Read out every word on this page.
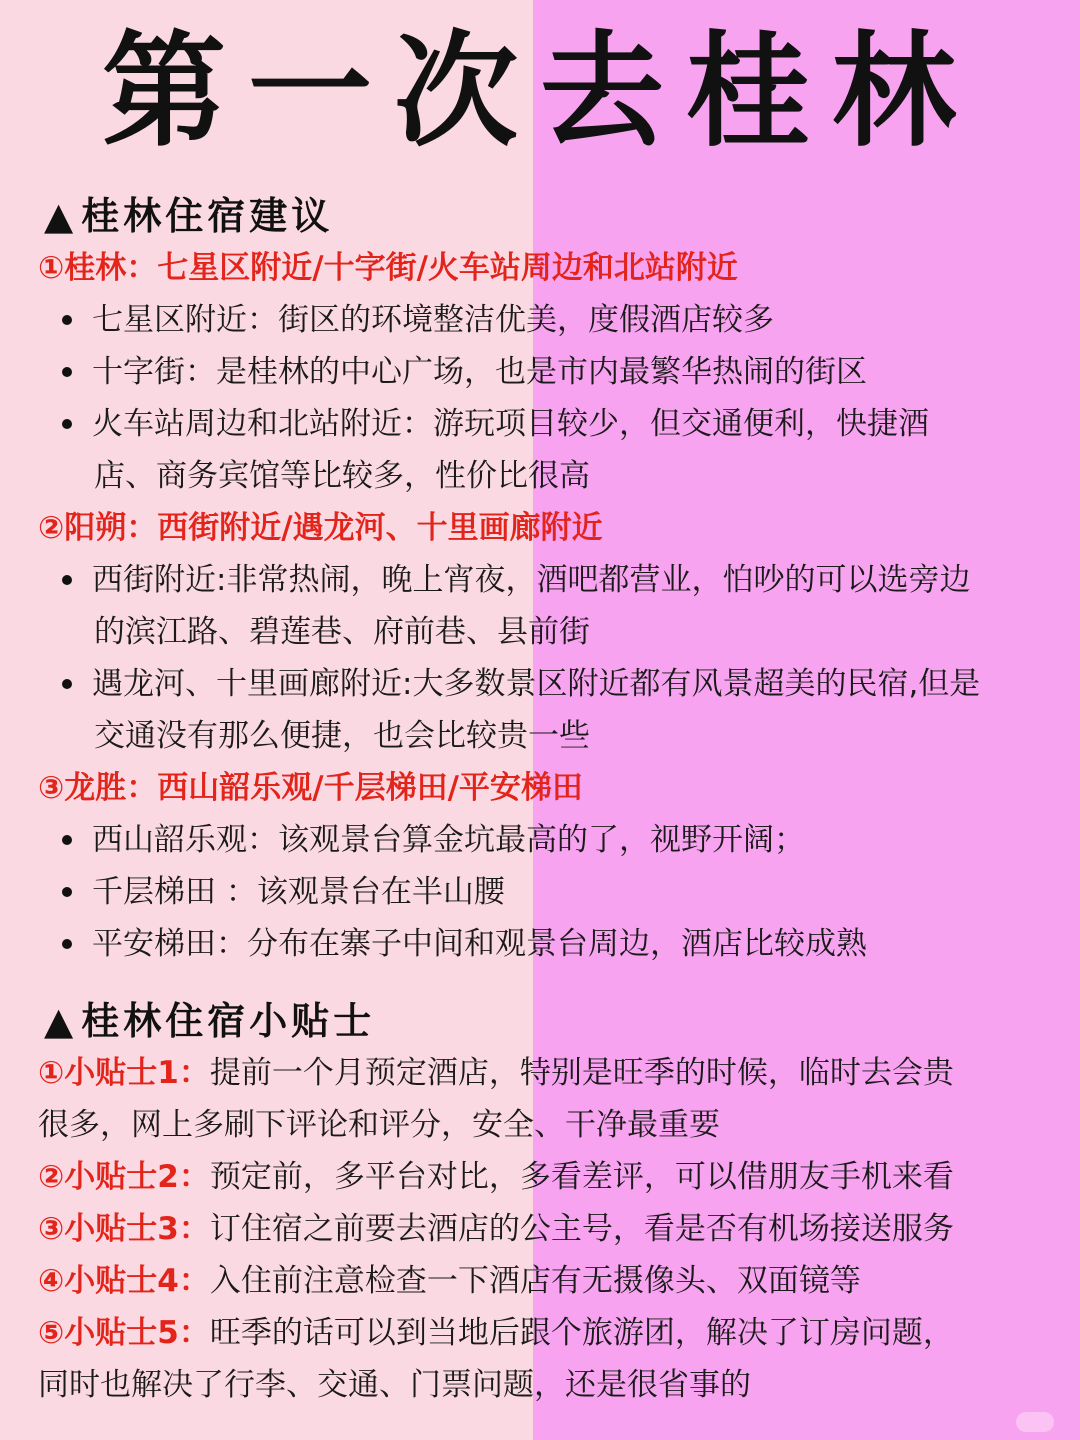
第一次去桂林
▲ 桂林住宿建议
①桂林：七星区附近/十字街/火车站周边和北站附近
七星区附近：街区的环境整洁优美，度假酒店较多
十字街：是桂林的中心广场，也是市内最繁华热闹的街区
火车站周边和北站附近：游玩项目较少，但交通便利，快捷酒
店、商务宾馆等比较多，性价比很高
②阳朔：西街附近/遇龙河、十里画廊附近
西街附近:非常热闹，晚上宵夜，酒吧都营业，怕吵的可以选旁边
的滨江路、碧莲巷、府前巷、县前街
遇龙河、十里画廊附近:大多数景区附近都有风景超美的民宿,但是
交通没有那么便捷，也会比较贵一些
③龙胜：西山韶乐观/千层梯田/平安梯田
西山韶乐观：该观景台算金坑最高的了，视野开阔；
千层梯田 ：该观景台在半山腰
平安梯田：分布在寨子中间和观景台周边，酒店比较成熟
▲ 桂林住宿小贴士
①小贴士1：提前一个月预定酒店，特别是旺季的时候，临时去会贵
很多，网上多刷下评论和评分，安全、干净最重要
②小贴士2：预定前，多平台对比，多看差评，可以借朋友手机来看
③小贴士3：订住宿之前要去酒店的公主号，看是否有机场接送服务
④小贴士4：入住前注意检查一下酒店有无摄像头、双面镜等
⑤小贴士5：旺季的话可以到当地后跟个旅游团，解决了订房问题，
同时也解决了行李、交通、门票问题，还是很省事的
